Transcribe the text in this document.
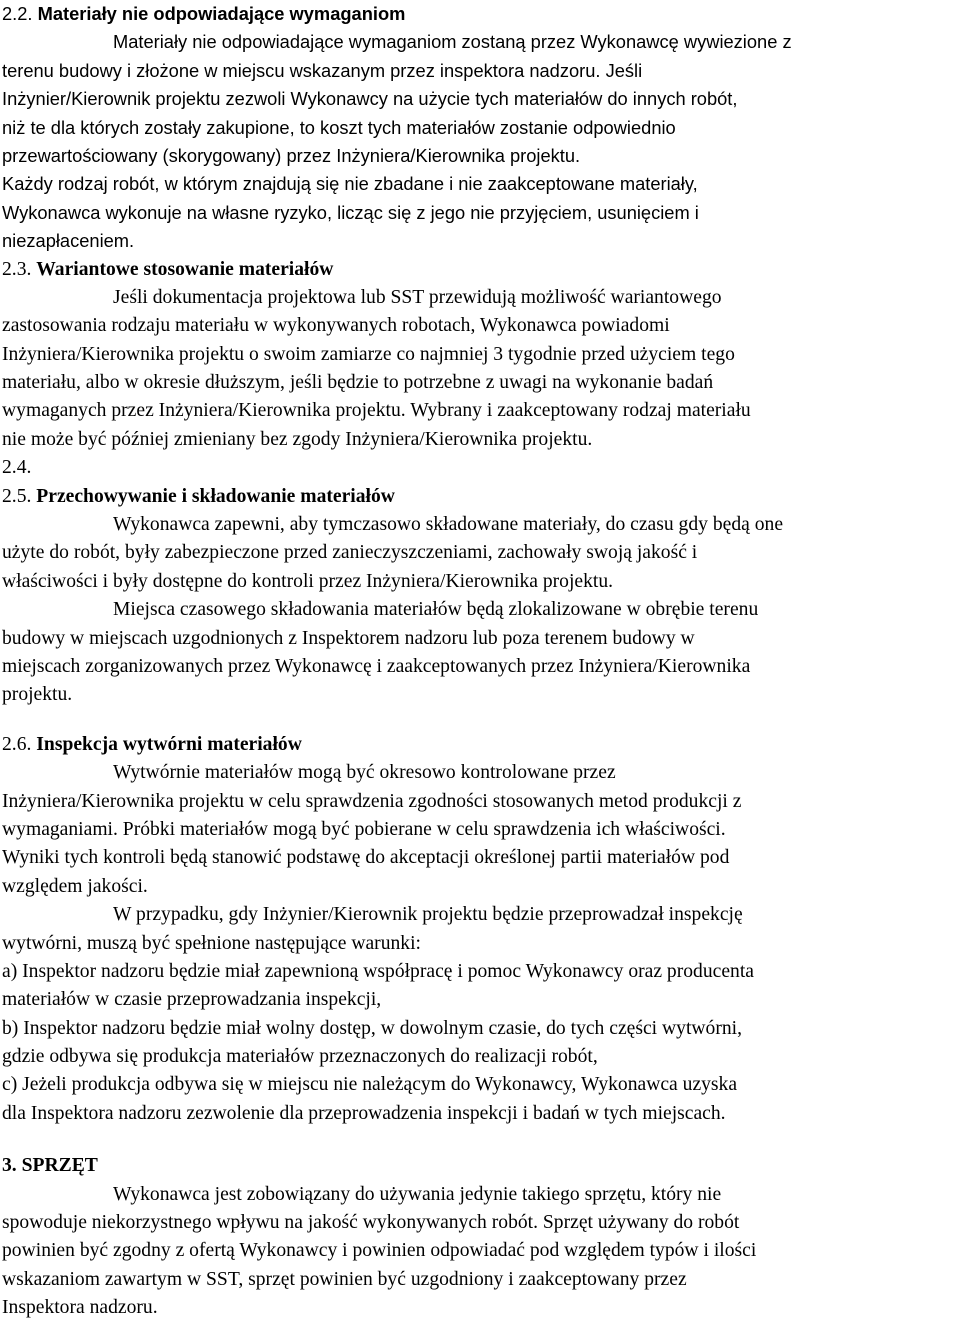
2.2. Materiały nie odpowiadające wymaganiom
Materiały nie odpowiadające wymaganiom zostaną przez Wykonawcę wywiezione z
terenu budowy i złożone w miejscu wskazanym przez inspektora nadzoru. Jeśli
Inżynier/Kierownik projektu zezwoli Wykonawcy na użycie tych materiałów do innych robót,
niż te dla których zostały zakupione, to koszt tych materiałów zostanie odpowiednio
przewartościowany (skorygowany) przez Inżyniera/Kierownika projektu.
Każdy rodzaj robót, w którym znajdują się nie zbadane i nie zaakceptowane materiały,
Wykonawca wykonuje na własne ryzyko, licząc się z jego nie przyjęciem, usunięciem i
niezapłaceniem.
2.3. Wariantowe stosowanie materiałów
Jeśli dokumentacja projektowa lub SST przewidują możliwość wariantowego
zastosowania rodzaju materiału w wykonywanych robotach, Wykonawca powiadomi
Inżyniera/Kierownika projektu o swoim zamiarze co najmniej 3 tygodnie przed użyciem tego
materiału, albo w okresie dłuższym, jeśli będzie to potrzebne z uwagi na wykonanie badań
wymaganych przez Inżyniera/Kierownika projektu. Wybrany i zaakceptowany rodzaj materiału
nie może być później zmieniany bez zgody Inżyniera/Kierownika projektu.
2.4.
2.5. Przechowywanie i składowanie materiałów
Wykonawca zapewni, aby tymczasowo składowane materiały, do czasu gdy będą one
użyte do robót, były zabezpieczone przed zanieczyszczeniami, zachowały swoją jakość i
właściwości i były dostępne do kontroli przez Inżyniera/Kierownika projektu.
Miejsca czasowego składowania materiałów będą zlokalizowane w obrębie terenu
budowy w miejscach uzgodnionych z Inspektorem nadzoru lub poza terenem budowy w
miejscach zorganizowanych przez Wykonawcę i zaakceptowanych przez Inżyniera/Kierownika
projektu.
2.6. Inspekcja wytwórni materiałów
Wytwórnie materiałów mogą być okresowo kontrolowane przez
Inżyniera/Kierownika projektu w celu sprawdzenia zgodności stosowanych metod produkcji z
wymaganiami. Próbki materiałów mogą być pobierane w celu sprawdzenia ich właściwości.
Wyniki tych kontroli będą stanowić podstawę do akceptacji określonej partii materiałów pod
względem jakości.
W przypadku, gdy Inżynier/Kierownik projektu będzie przeprowadzał inspekcję
wytwórni, muszą być spełnione następujące warunki:
a) Inspektor nadzoru będzie miał zapewnioną współpracę i pomoc Wykonawcy oraz producenta
materiałów w czasie przeprowadzania inspekcji,
b) Inspektor nadzoru będzie miał wolny dostęp, w dowolnym czasie, do tych części wytwórni,
gdzie odbywa się produkcja materiałów przeznaczonych do realizacji robót,
c) Jeżeli produkcja odbywa się w miejscu nie należącym do Wykonawcy, Wykonawca uzyska
dla Inspektora nadzoru zezwolenie dla przeprowadzenia inspekcji i badań w tych miejscach.
3. SPRZĘT
Wykonawca jest zobowiązany do używania jedynie takiego sprzętu, który nie
spowoduje niekorzystnego wpływu na jakość wykonywanych robót. Sprzęt używany do robót
powinien być zgodny z ofertą Wykonawcy i powinien odpowiadać pod względem typów i ilości
wskazaniom zawartym w SST, sprzęt powinien być uzgodniony i zaakceptowany przez
Inspektora nadzoru.
